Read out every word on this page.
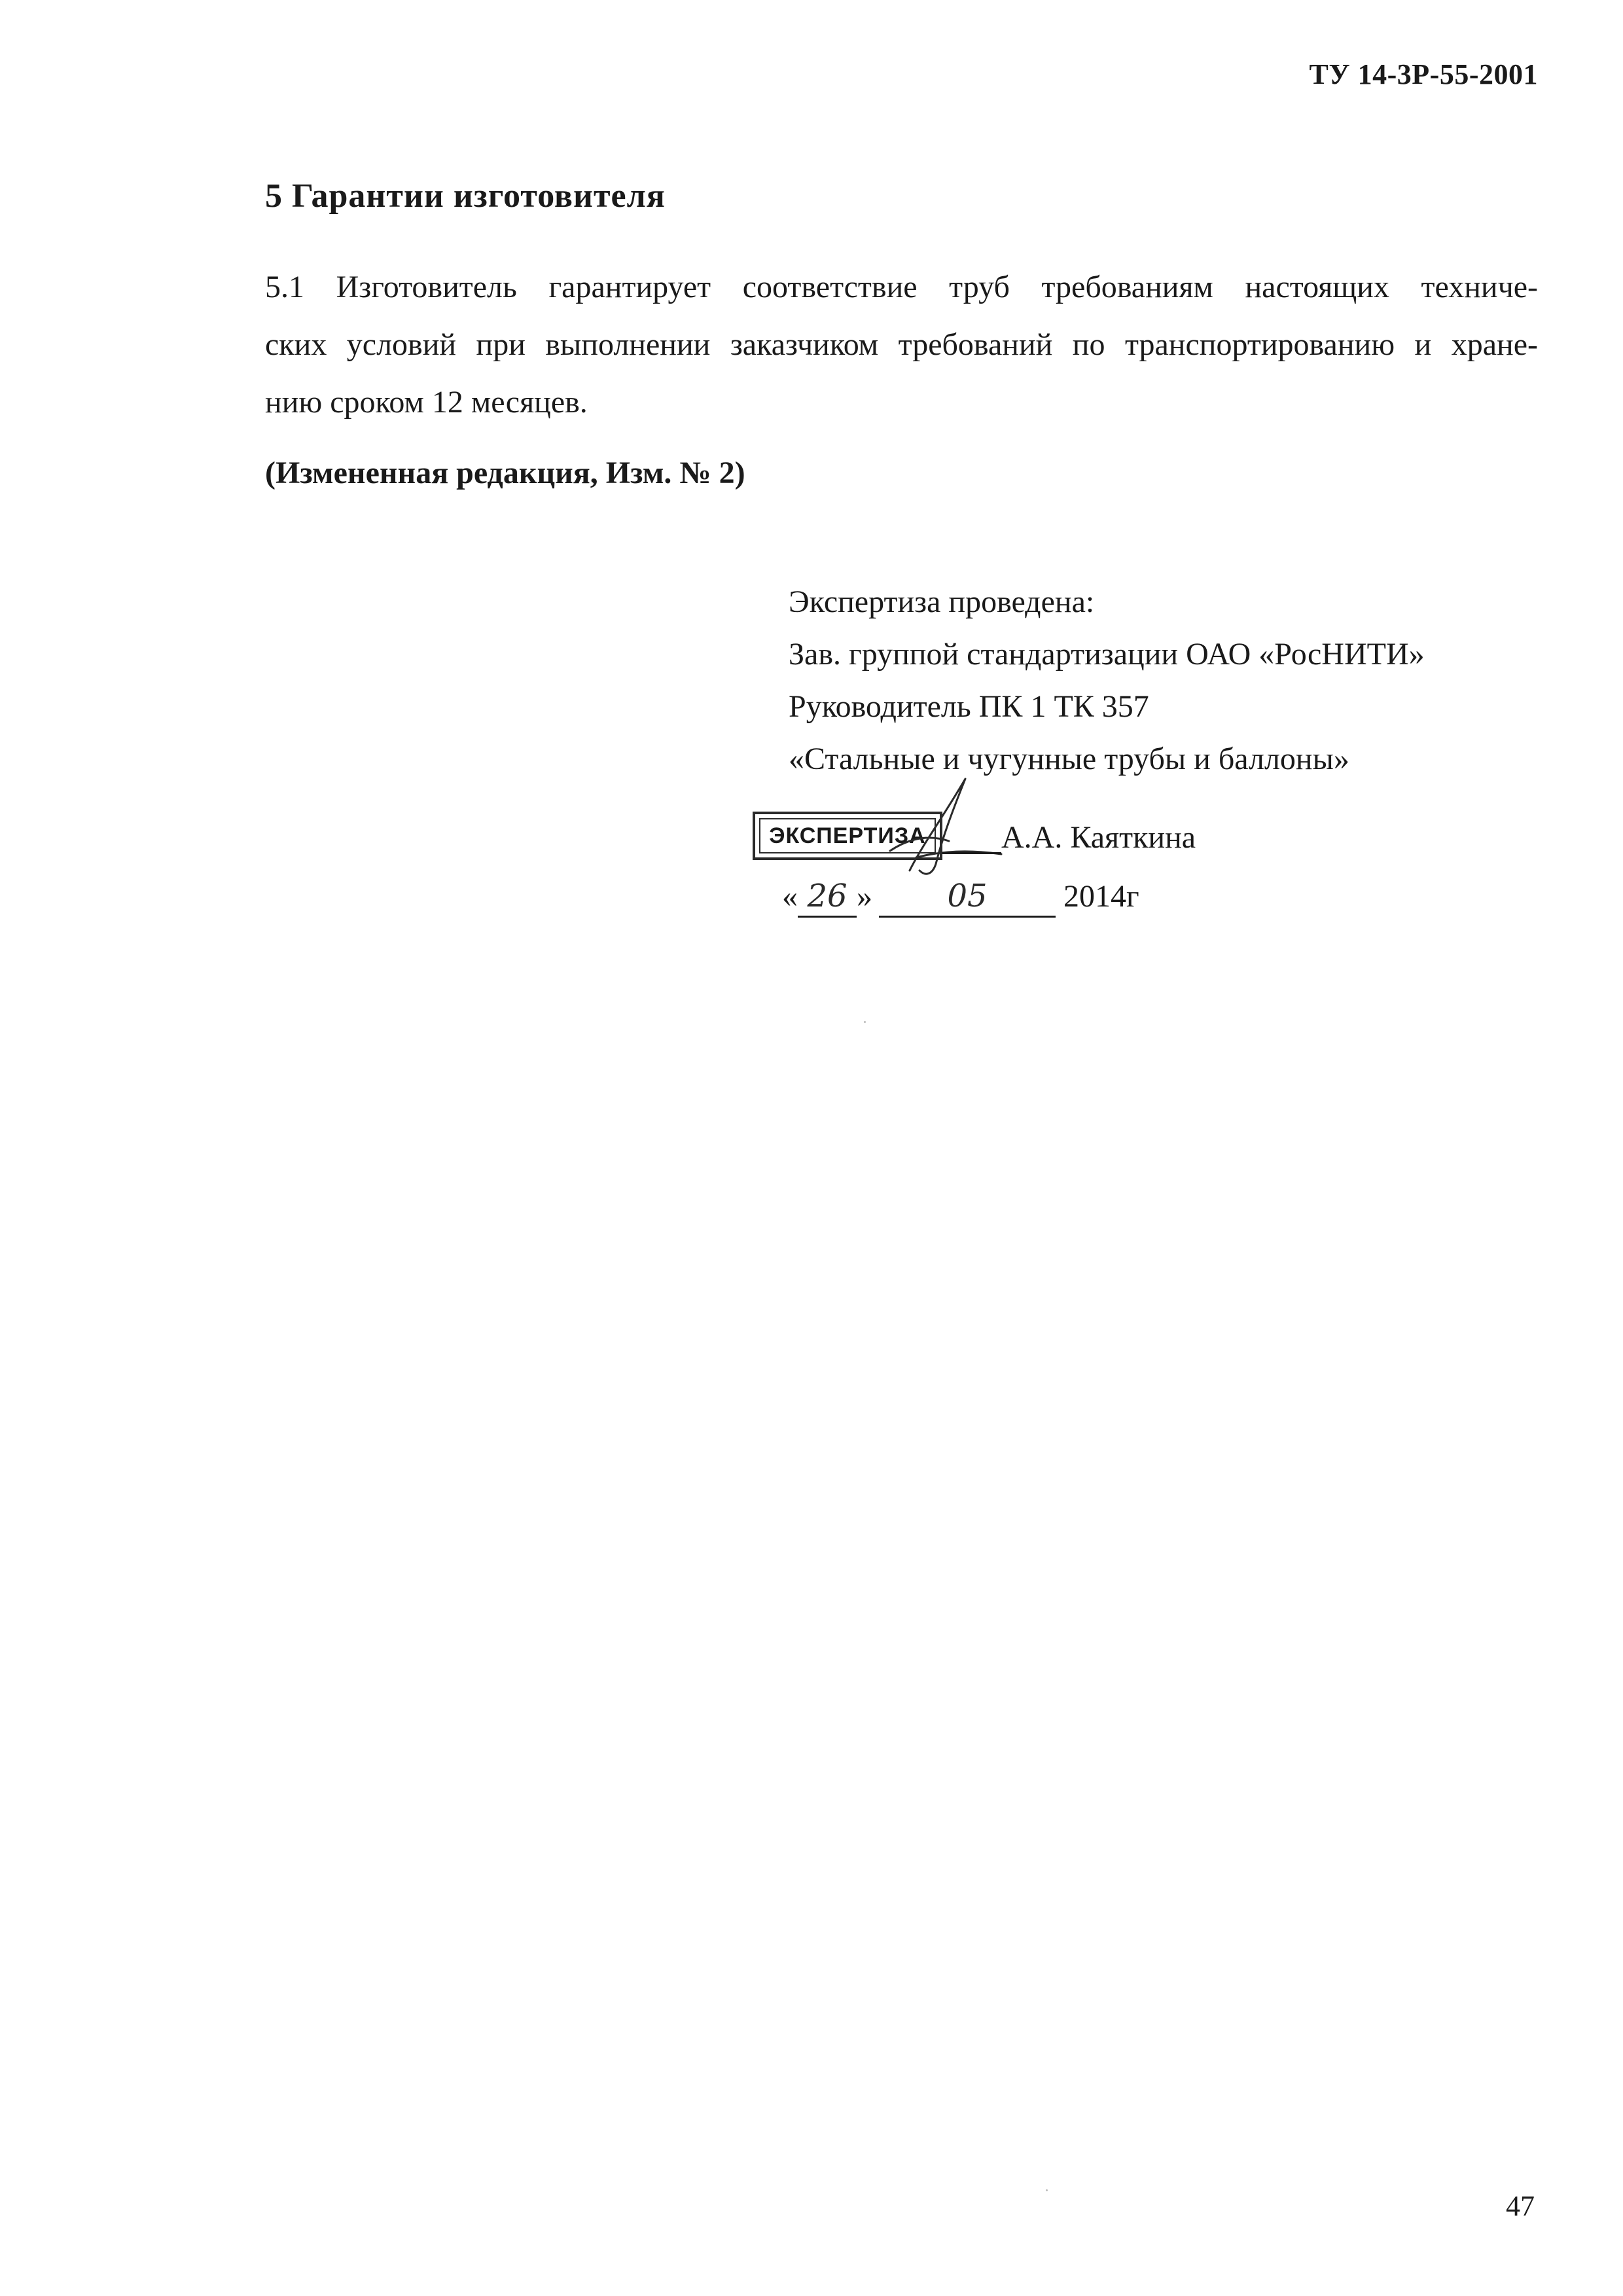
ТУ 14-3Р-55-2001
5 Гарантии изготовителя
5.1 Изготовитель гарантирует соответствие труб требованиям настоящих техниче-
ских условий при выполнении заказчиком требований по транспортированию и хране-
нию сроком 12 месяцев.
(Измененная редакция, Изм. № 2)
Экспертиза проведена:
Зав. группой стандартизации ОАО «РосНИТИ»
Руководитель ПК 1 ТК 357
«Стальные и чугунные трубы и баллоны»
ЭКСПЕРТИЗА	А.А. Каяткина
« 26 » 05 2014г
47
